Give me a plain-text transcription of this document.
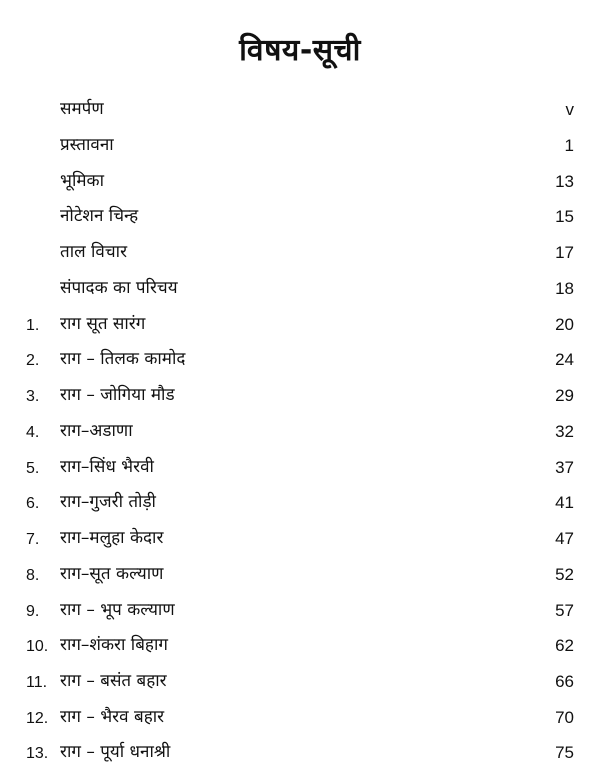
विषय-सूची
समर्पण	v
प्रस्तावना	1
भूमिका	13
नोटेशन चिन्ह	15
ताल विचार	17
संपादक का परिचय	18
1. राग सूत सारंग	20
2. राग – तिलक कामोद	24
3. राग – जोगिया मौड	29
4. राग–अडाणा	32
5. राग–सिंध भैरवी	37
6. राग–गुजरी तोड़ी	41
7. राग–मलुहा केदार	47
8. राग–सूत कल्याण	52
9. राग – भूप कल्याण	57
10. राग–शंकरा बिहाग	62
11. राग – बसंत बहार	66
12. राग – भैरव बहार	70
13. राग – पूर्या धनाश्री	75
